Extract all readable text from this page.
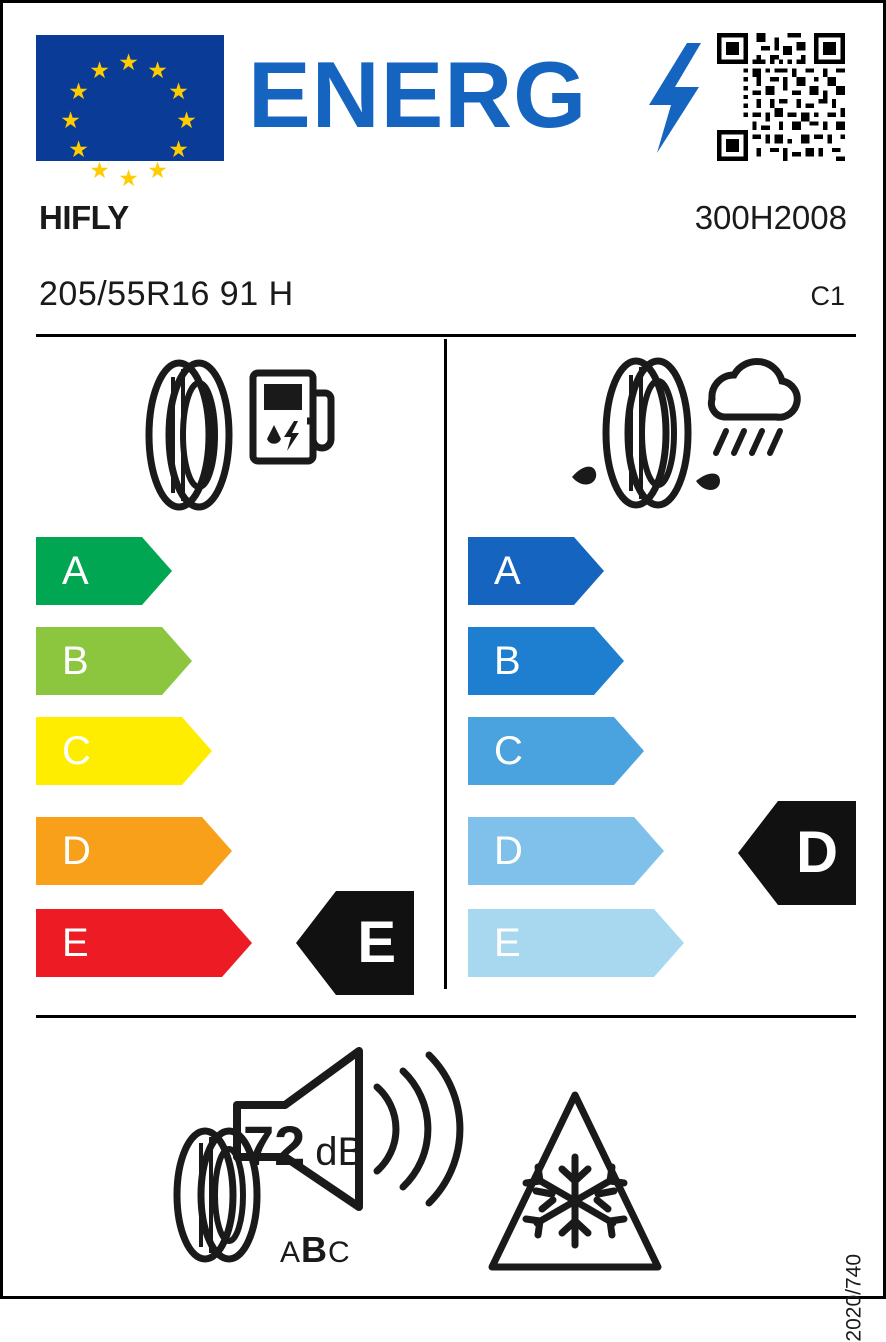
★ ★
★
★
★
★
★
★
★
★
★
★ ENERG
HIFLY	300H2008
205/55R16 91 H	C1
A
B
C
D
E	E
A
B
C
D
E
D
72 dB
ABC
2020/740
